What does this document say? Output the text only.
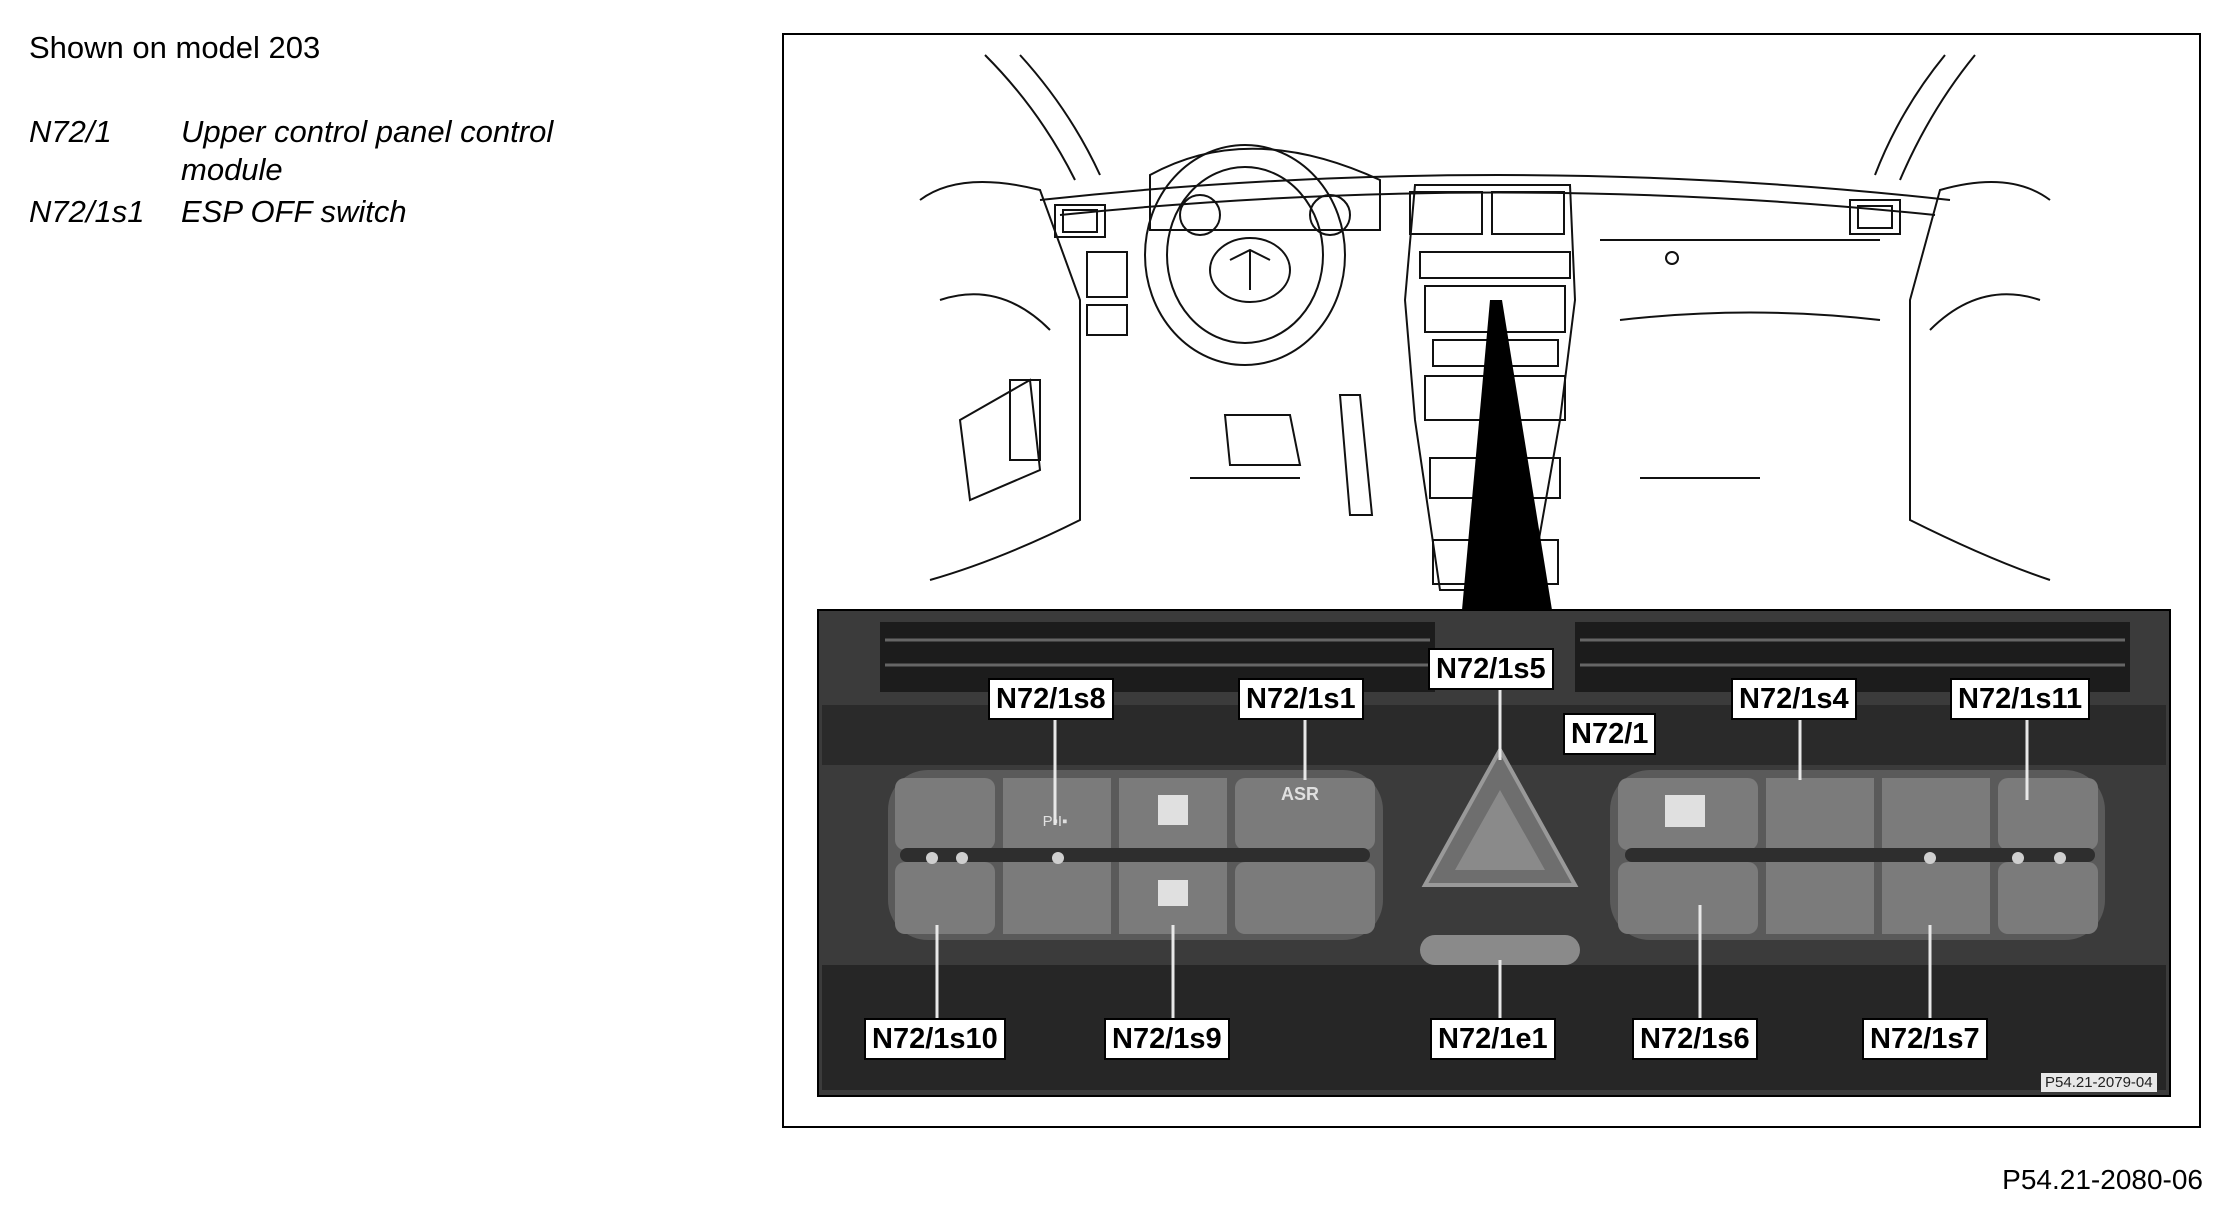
Shown on model 203
N72/1 Upper control panel control
module
N72/1s1 ESP OFF switch
ASR
P▪I▪
N72/1s8	N72/1s1
N72/1s5
N72/1
N72/1s4	N72/1s11
N72/1s10	N72/1s9	N72/1e1	N72/1s6	N72/1s7
P54.21-2079-04
P54.21-2080-06
